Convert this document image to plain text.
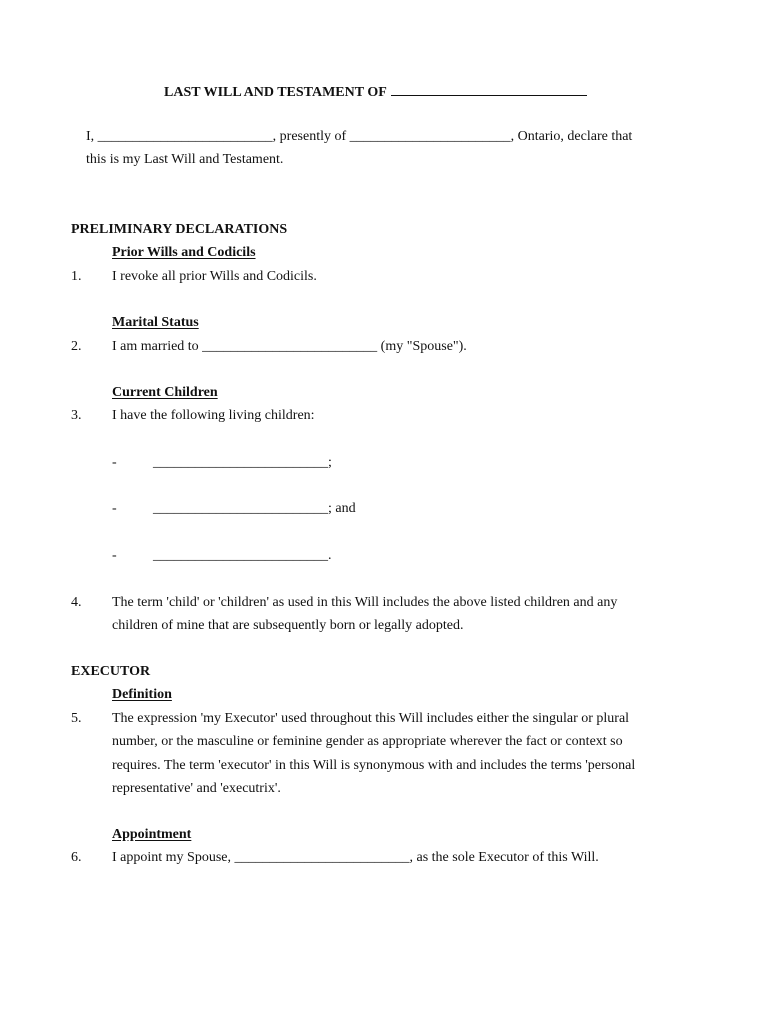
LAST WILL AND TESTAMENT OF
I, _________________________, presently of _______________________, Ontario, declare that
this is my Last Will and Testament.
PRELIMINARY DECLARATIONS
Prior Wills and Codicils
1. I revoke all prior Wills and Codicils.
Marital Status
2. I am married to _________________________ (my "Spouse").
Current Children
3. I have the following living children:
-	_________________________;
-	_________________________; and
-	_________________________.
4. The term 'child' or 'children' as used in this Will includes the above listed children and any
children of mine that are subsequently born or legally adopted.
EXECUTOR
Definition
5. The expression 'my Executor' used throughout this Will includes either the singular or plural
number, or the masculine or feminine gender as appropriate wherever the fact or context so
requires. The term 'executor' in this Will is synonymous with and includes the terms 'personal
representative' and 'executrix'.
Appointment
6. I appoint my Spouse, _________________________, as the sole Executor of this Will.
